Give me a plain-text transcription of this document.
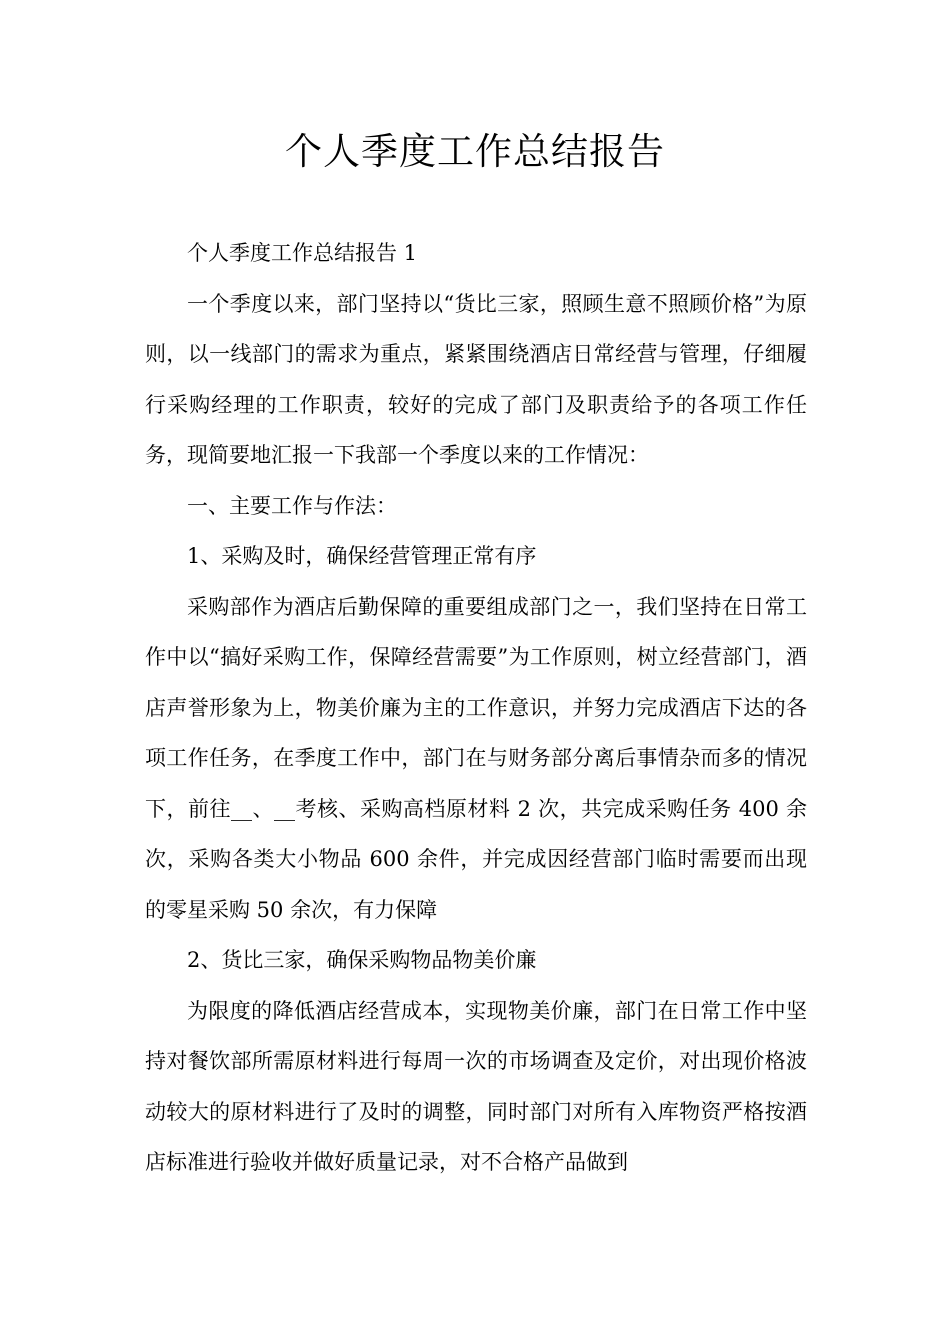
个人季度工作总结报告

个人季度工作总结报告 1

一个季度以来，部门坚持以“货比三家，照顾生意不照顾价格”为原则，以一线部门的需求为重点，紧紧围绕酒店日常经营与管理，仔细履行采购经理的工作职责，较好的完成了部门及职责给予的各项工作任务，现简要地汇报一下我部一个季度以来的工作情况：

一、主要工作与作法：

1、采购及时，确保经营管理正常有序

采购部作为酒店后勤保障的重要组成部门之一，我们坚持在日常工作中以“搞好采购工作，保障经营需要”为工作原则，树立经营部门，酒店声誉形象为上，物美价廉为主的工作意识，并努力完成酒店下达的各项工作任务，在季度工作中，部门在与财务部分离后事情杂而多的情况下，前往__、__考核、采购高档原材料 2 次，共完成采购任务 400 余次，采购各类大小物品 600 余件，并完成因经营部门临时需要而出现的零星采购 50 余次，有力保障

2、货比三家，确保采购物品物美价廉

为限度的降低酒店经营成本，实现物美价廉，部门在日常工作中坚持对餐饮部所需原材料进行每周一次的市场调查及定价，对出现价格波动较大的原材料进行了及时的调整，同时部门对所有入库物资严格按酒店标准进行验收并做好质量记录，对不合格产品做到
